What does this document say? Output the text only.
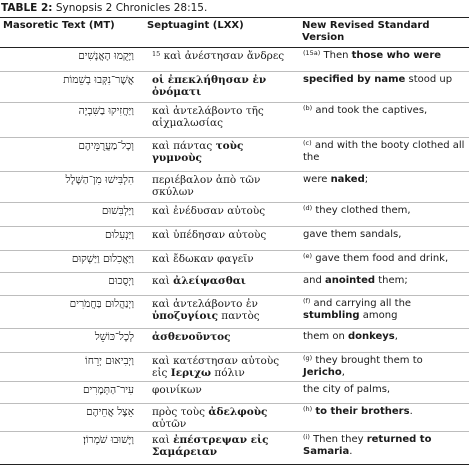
TABLE 2: Synopsis 2 Chronicles 28:15.
Masoretic Text (MT)	Septuagint (LXX)	New Revised Standard Version
וַיָּקֻמוּ הָאֲנָשִׁים	$^{15}$ καὶ ἀνέστησαν ἄνδρες	$^{(15a)}$ Then those who were
אֲשֶׁר־נִקְּבוּ בְשֵׁמוֹת	οἱ ἐπεκλήθησαν ἐν ὀνόματι	specified by name stood up
וַיַּחֲזִיקוּ בַשִּׁבְיָה	καὶ ἀντελάβοντο τῆς αἰχμαλωσίας	$^{(b)}$ and took the captives,
וְכָל־מַעֲרֻמֵּיהֶם	καὶ πάντας τοὺς γυμνοὺς	$^{(c)}$ and with the booty clothed all the
הִלְבִּישׁוּ מִן־הַשָּׁלָל	περιέβαλον ἀπὸ τῶν σκύλων	were naked;
וַיַּלְבִּשׁוּם	καὶ ἐνέδυσαν αὐτοὺς	$^{(d)}$ they clothed them,
וַיַּנְעִלוּם	καὶ ὑπέδησαν αὐτοὺς	gave them sandals,
וַיַּאֲכִלוּם וַיַּשְׁקוּם	καὶ ἔδωκαν φαγεῖν	$^{(e)}$ gave them food and drink,
וַיְסֻכוּם	καὶ ἀλείψασθαι	and anointed them;
וַיְנַהֲלוּם בַּחֲמֹרִים	καὶ ἀντελάβοντο ἐν ὑποζυγίοις παντὸς	$^{(f)}$ and carrying all the stumbling among
לְכָל־כּוֹשֵׁל	ἀσθενοῦντος	them on donkeys,
וַיְבִיאוּם יְרֵחוֹ	καὶ κατέστησαν αὐτοὺς εἰς Ιεριχω πόλιν	$^{(g)}$ they brought them to Jericho,
עִיר־הַתְּמָרִים	φοινίκων	the city of palms,
אֵצֶל אֲחֵיהֶם	πρὸς τοὺς ἀδελφοὺς αὐτῶν	$^{(h)}$ to their brothers.
וַיָּשׁוּבוּ שֹׁמְרוֹן׃	καὶ ἐπέστρεψαν εἰς Σαμάρειαν	$^{(i)}$ Then they returned to Samaria.
